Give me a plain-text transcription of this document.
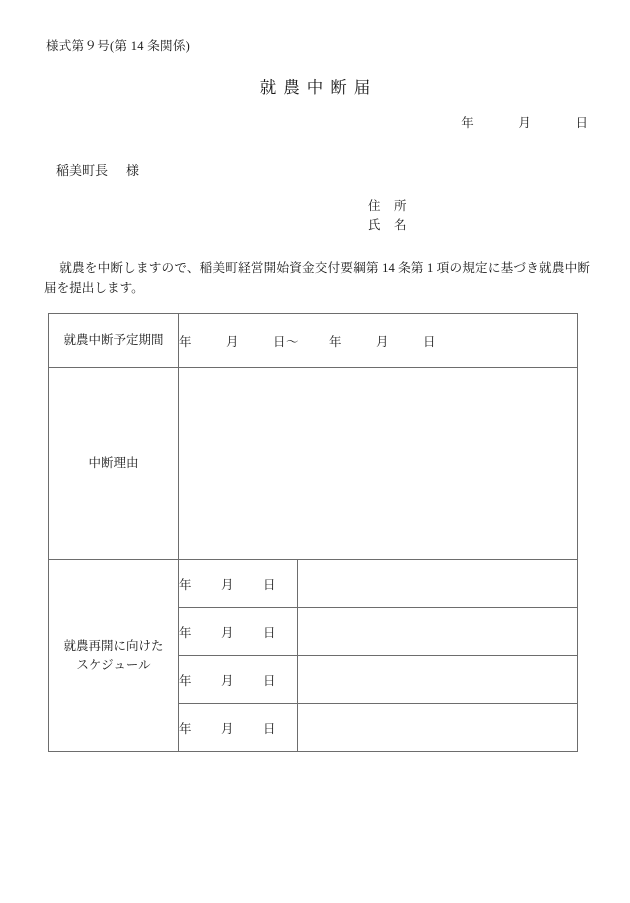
様式第９号(第 14 条関係)
就農中断届
年	月	日
稲美町長 様
住　所
氏　名
就農を中断しますので、稲美町経営開始資金交付要綱第 14 条第 1 項の規定に基づき就農中断届を提出します。
就農中断予定期間	年 月 日〜 年 月 日	
中断理由		
就農再開に向けた
スケジュール	年 月 日	
	年 月 日	
	年 月 日	
	年 月 日	
